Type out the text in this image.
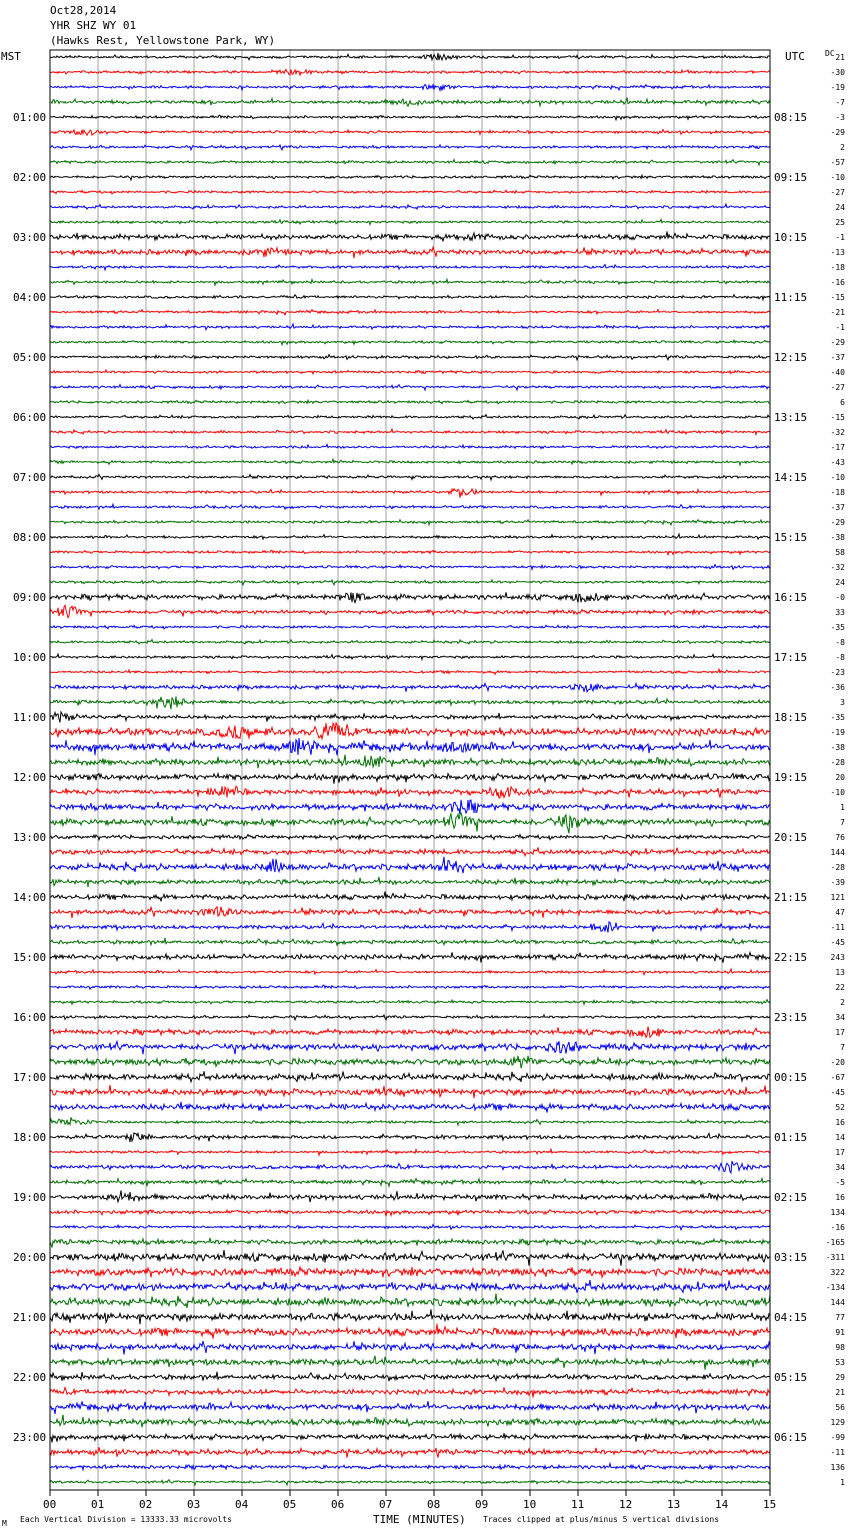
Oct28,2014
YHR SHZ WY 01
(Hawks Rest, Yellowstone Park, WY)
MST	UTC	DC
TIME (MINUTES)
00	01	02	03	04	05	06	07	08	09	10	11	12	13	14	15
21
-30
-19
-7
01:00	08:15	-3
-29
2
-57
02:00	09:15	-10
-27
24
25
03:00	10:15	-1
-13
-18
-16
04:00	11:15	-15
-21
-1
-29
05:00	12:15	-37
-40
-27
6
06:00	13:15	-15
-32
-17
-43
07:00	14:15	-10
-18
-37
-29
08:00	15:15	-38
58
-32
24
09:00	16:15	-0
33
-35
-8
10:00	17:15	-8
-23
-36
3
11:00	18:15	-35
-19
-38
-28
12:00	19:15	20
-10
1
7
13:00	20:15	76
144
-28
-39
14:00	21:15	121
47
-11
-45
15:00	22:15	243
13
22
2
16:00	23:15	34
17
7
-20
17:00	00:15	-67
-45
52
16
18:00	01:15	14
17
34
-5
19:00	02:15	16
134
-16
-165
20:00	03:15 -311
322
-134
144
21:00	04:15	77
91
98
53
22:00	05:15	29
21
56
129
23:00	06:15	-99
-11
136
1
M Each Vertical Division = 13333.33 microvolts	Traces clipped at plus/minus 5 vertical divisions
